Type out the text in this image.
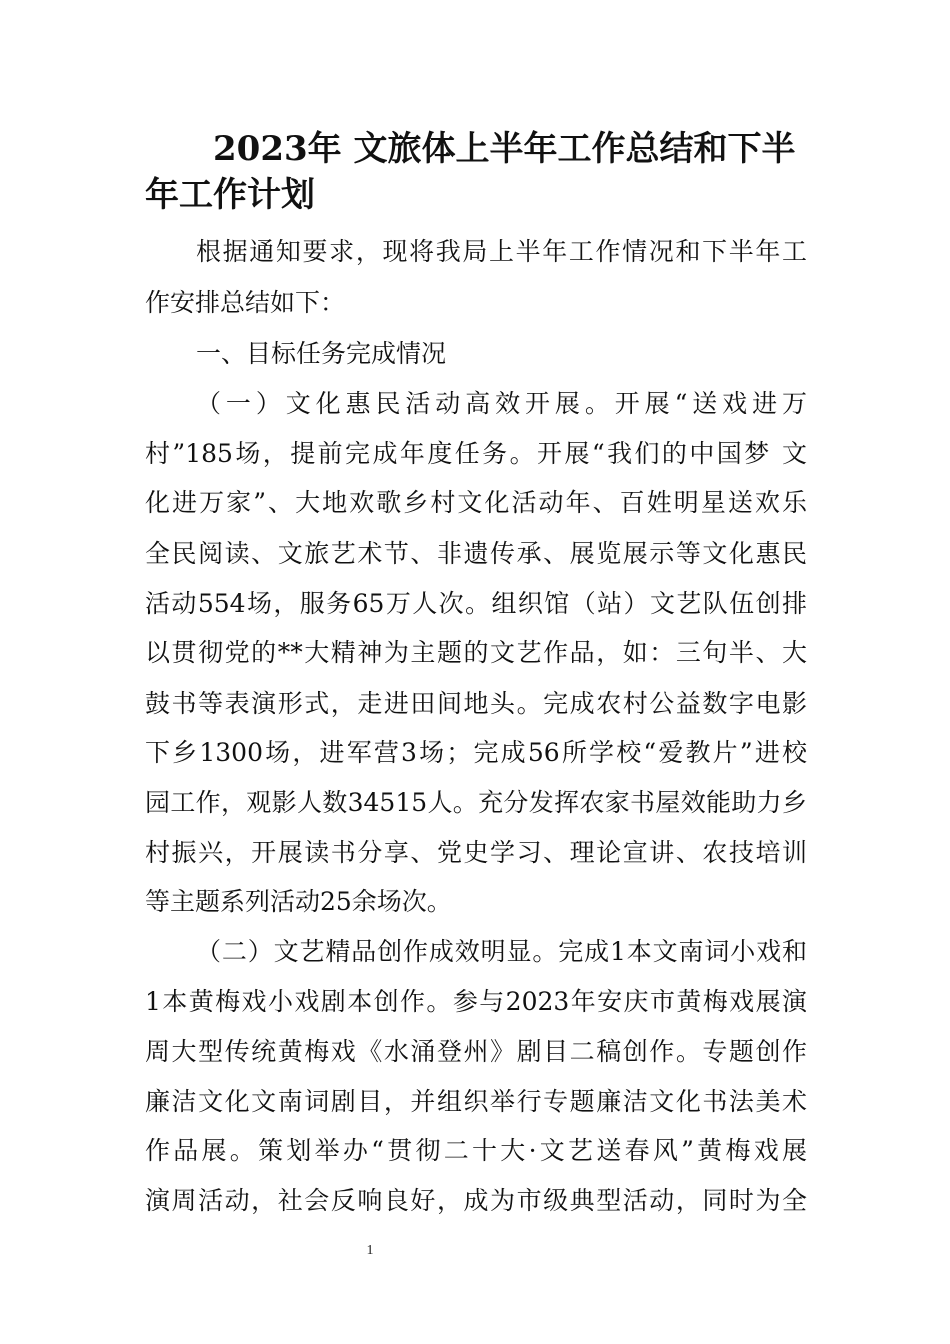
2023年 文旅体上半年工作总结和下半
年工作计划
根据通知要求，现将我局上半年工作情况和下半年工
作安排总结如下：
一、目标任务完成情况
（一）文化惠民活动高效开展。开展“送戏进万
村”185场，提前完成年度任务。开展“我们的中国梦 文
化进万家”、大地欢歌乡村文化活动年、百姓明星送欢乐
全民阅读、文旅艺术节、非遗传承、展览展示等文化惠民
活动554场，服务65万人次。组织馆（站）文艺队伍创排
以贯彻党的**大精神为主题的文艺作品，如：三句半、大
鼓书等表演形式，走进田间地头。完成农村公益数字电影
下乡1300场，进军营3场；完成56所学校“爱教片”进校
园工作，观影人数34515人。充分发挥农家书屋效能助力乡
村振兴，开展读书分享、党史学习、理论宣讲、农技培训
等主题系列活动25余场次。
（二）文艺精品创作成效明显。完成1本文南词小戏和
1本黄梅戏小戏剧本创作。参与2023年安庆市黄梅戏展演
周大型传统黄梅戏《水涌登州》剧目二稿创作。专题创作
廉洁文化文南词剧目，并组织举行专题廉洁文化书法美术
作品展。策划举办“贯彻二十大·文艺送春风”黄梅戏展
演周活动，社会反响良好，成为市级典型活动，同时为全
1
